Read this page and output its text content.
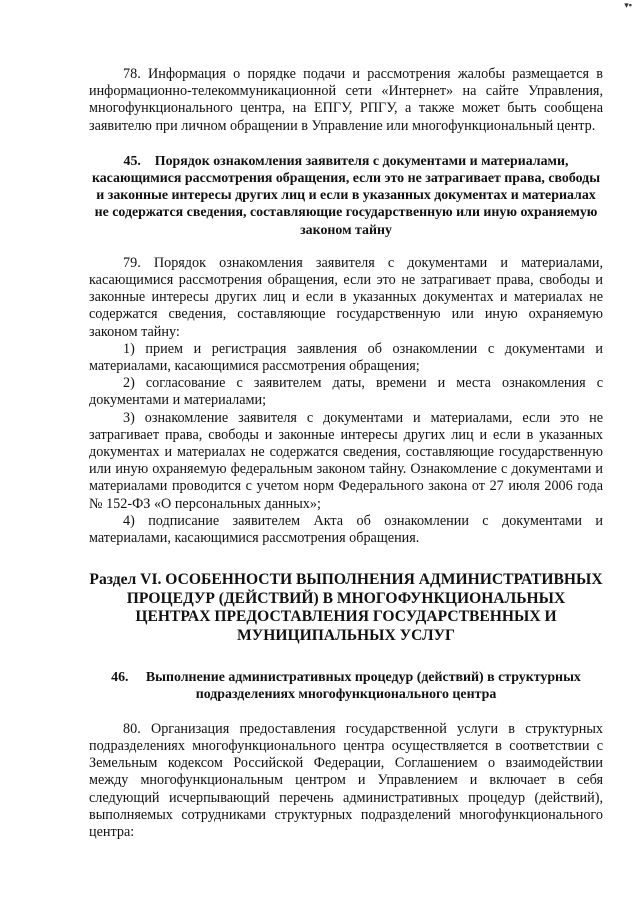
▾▪

78. Информация о порядке подачи и рассмотрения жалобы размещается в информационно-телекоммуникационной сети «Интернет» на сайте Управления, многофункционального центра, на ЕПГУ, РПГУ, а также может быть сообщена заявителю при личном обращении в Управление или многофункциональный центр.

45. Порядок ознакомления заявителя с документами и материалами, касающимися рассмотрения обращения, если это не затрагивает права, свободы и законные интересы других лиц и если в указанных документах и материалах не содержатся сведения, составляющие государственную или иную охраняемую законом тайну

79. Порядок ознакомления заявителя с документами и материалами, касающимися рассмотрения обращения, если это не затрагивает права, свободы и законные интересы других лиц и если в указанных документах и материалах не содержатся сведения, составляющие государственную или иную охраняемую законом тайну:

1) прием и регистрация заявления об ознакомлении с документами и материалами, касающимися рассмотрения обращения;

2) согласование с заявителем даты, времени и места ознакомления с документами и материалами;

3) ознакомление заявителя с документами и материалами, если это не затрагивает права, свободы и законные интересы других лиц и если в указанных документах и материалах не содержатся сведения, составляющие государственную или иную охраняемую федеральным законом тайну. Ознакомление с документами и материалами проводится с учетом норм Федерального закона от 27 июля 2006 года № 152-ФЗ «О персональных данных»;

4) подписание заявителем Акта об ознакомлении с документами и материалами, касающимися рассмотрения обращения.

Раздел VI. ОСОБЕННОСТИ ВЫПОЛНЕНИЯ АДМИНИСТРАТИВНЫХ ПРОЦЕДУР (ДЕЙСТВИЙ) В МНОГОФУНКЦИОНАЛЬНЫХ ЦЕНТРАХ ПРЕДОСТАВЛЕНИЯ ГОСУДАРСТВЕННЫХ И МУНИЦИПАЛЬНЫХ УСЛУГ

46. Выполнение административных процедур (действий) в структурных подразделениях многофункционального центра

80. Организация предоставления государственной услуги в структурных подразделениях многофункционального центра осуществляется в соответствии с Земельным кодексом Российской Федерации, Соглашением о взаимодействии между многофункциональным центром и Управлением и включает в себя следующий исчерпывающий перечень административных процедур (действий), выполняемых сотрудниками структурных подразделений многофункционального центра:
